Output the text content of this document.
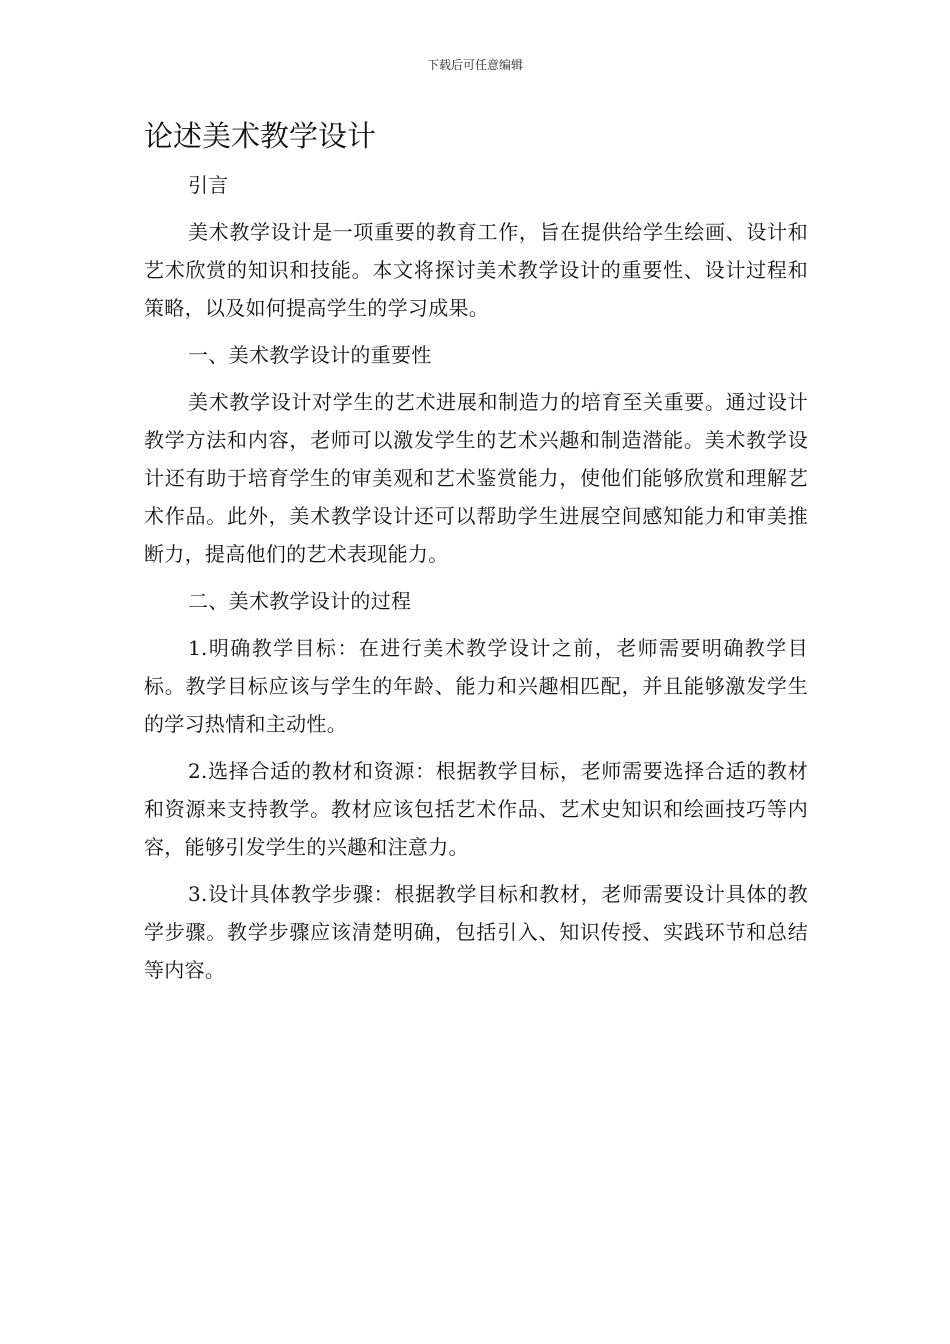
下载后可任意编辑
论述美术教学设计

引言

美术教学设计是一项重要的教育工作，旨在提供给学生绘画、设计和艺术欣赏的知识和技能。本文将探讨美术教学设计的重要性、设计过程和策略，以及如何提高学生的学习成果。

一、美术教学设计的重要性

美术教学设计对学生的艺术进展和制造力的培育至关重要。通过设计教学方法和内容，老师可以激发学生的艺术兴趣和制造潜能。美术教学设计还有助于培育学生的审美观和艺术鉴赏能力，使他们能够欣赏和理解艺术作品。此外，美术教学设计还可以帮助学生进展空间感知能力和审美推断力，提高他们的艺术表现能力。

二、美术教学设计的过程

1.明确教学目标：在进行美术教学设计之前，老师需要明确教学目标。教学目标应该与学生的年龄、能力和兴趣相匹配，并且能够激发学生的学习热情和主动性。

2.选择合适的教材和资源：根据教学目标，老师需要选择合适的教材和资源来支持教学。教材应该包括艺术作品、艺术史知识和绘画技巧等内容，能够引发学生的兴趣和注意力。

3.设计具体教学步骤：根据教学目标和教材，老师需要设计具体的教学步骤。教学步骤应该清楚明确，包括引入、知识传授、实践环节和总结等内容。
